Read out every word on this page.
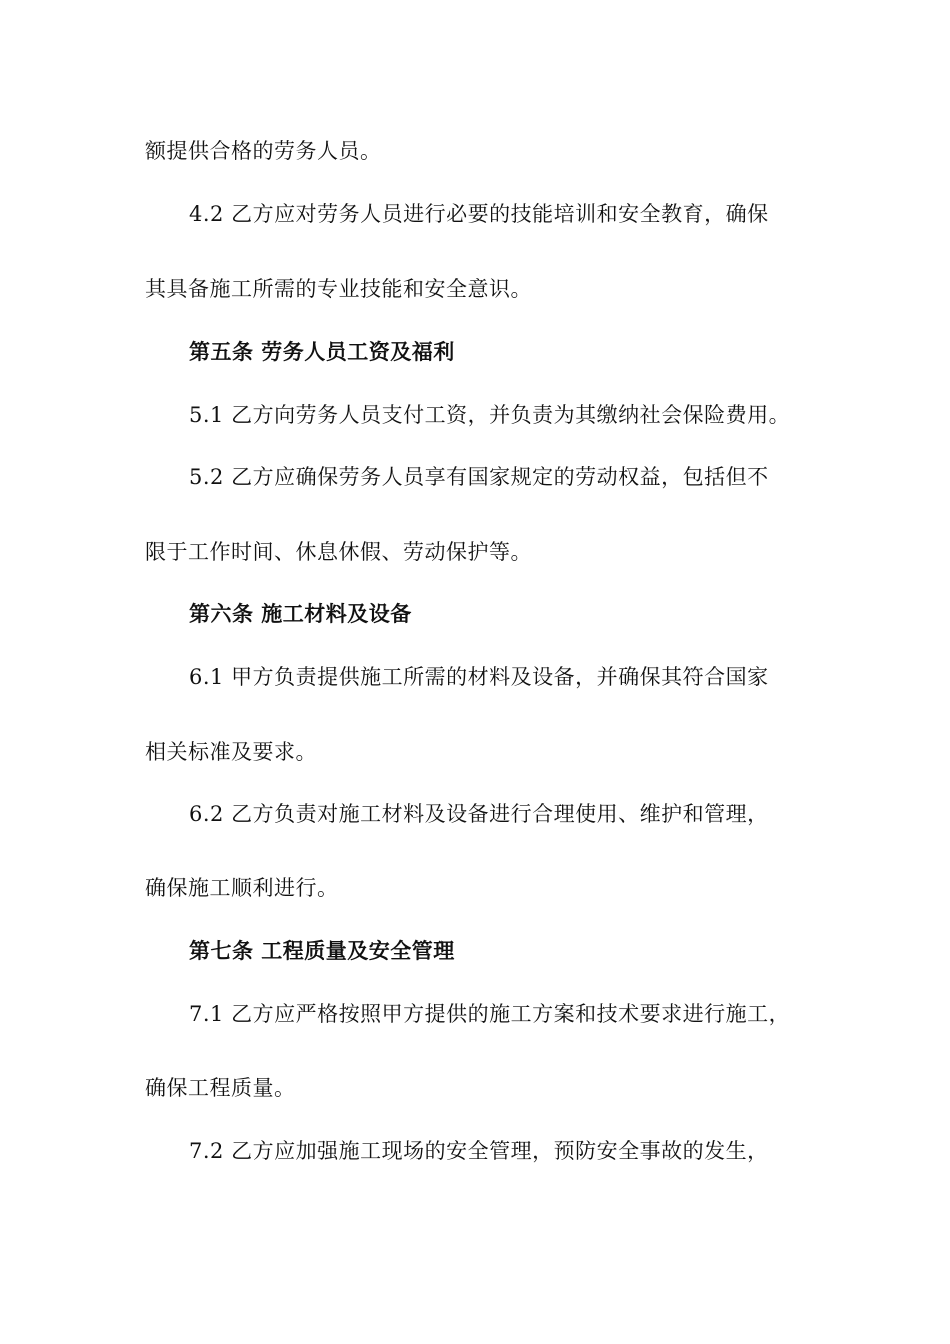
额提供合格的劳务人员。
4.2 乙方应对劳务人员进行必要的技能培训和安全教育，确保
其具备施工所需的专业技能和安全意识。
第五条 劳务人员工资及福利
5.1 乙方向劳务人员支付工资，并负责为其缴纳社会保险费用。
5.2 乙方应确保劳务人员享有国家规定的劳动权益，包括但不
限于工作时间、休息休假、劳动保护等。
第六条 施工材料及设备
6.1 甲方负责提供施工所需的材料及设备，并确保其符合国家
相关标准及要求。
6.2 乙方负责对施工材料及设备进行合理使用、维护和管理，
确保施工顺利进行。
第七条 工程质量及安全管理
7.1 乙方应严格按照甲方提供的施工方案和技术要求进行施工，
确保工程质量。
7.2 乙方应加强施工现场的安全管理，预防安全事故的发生，
